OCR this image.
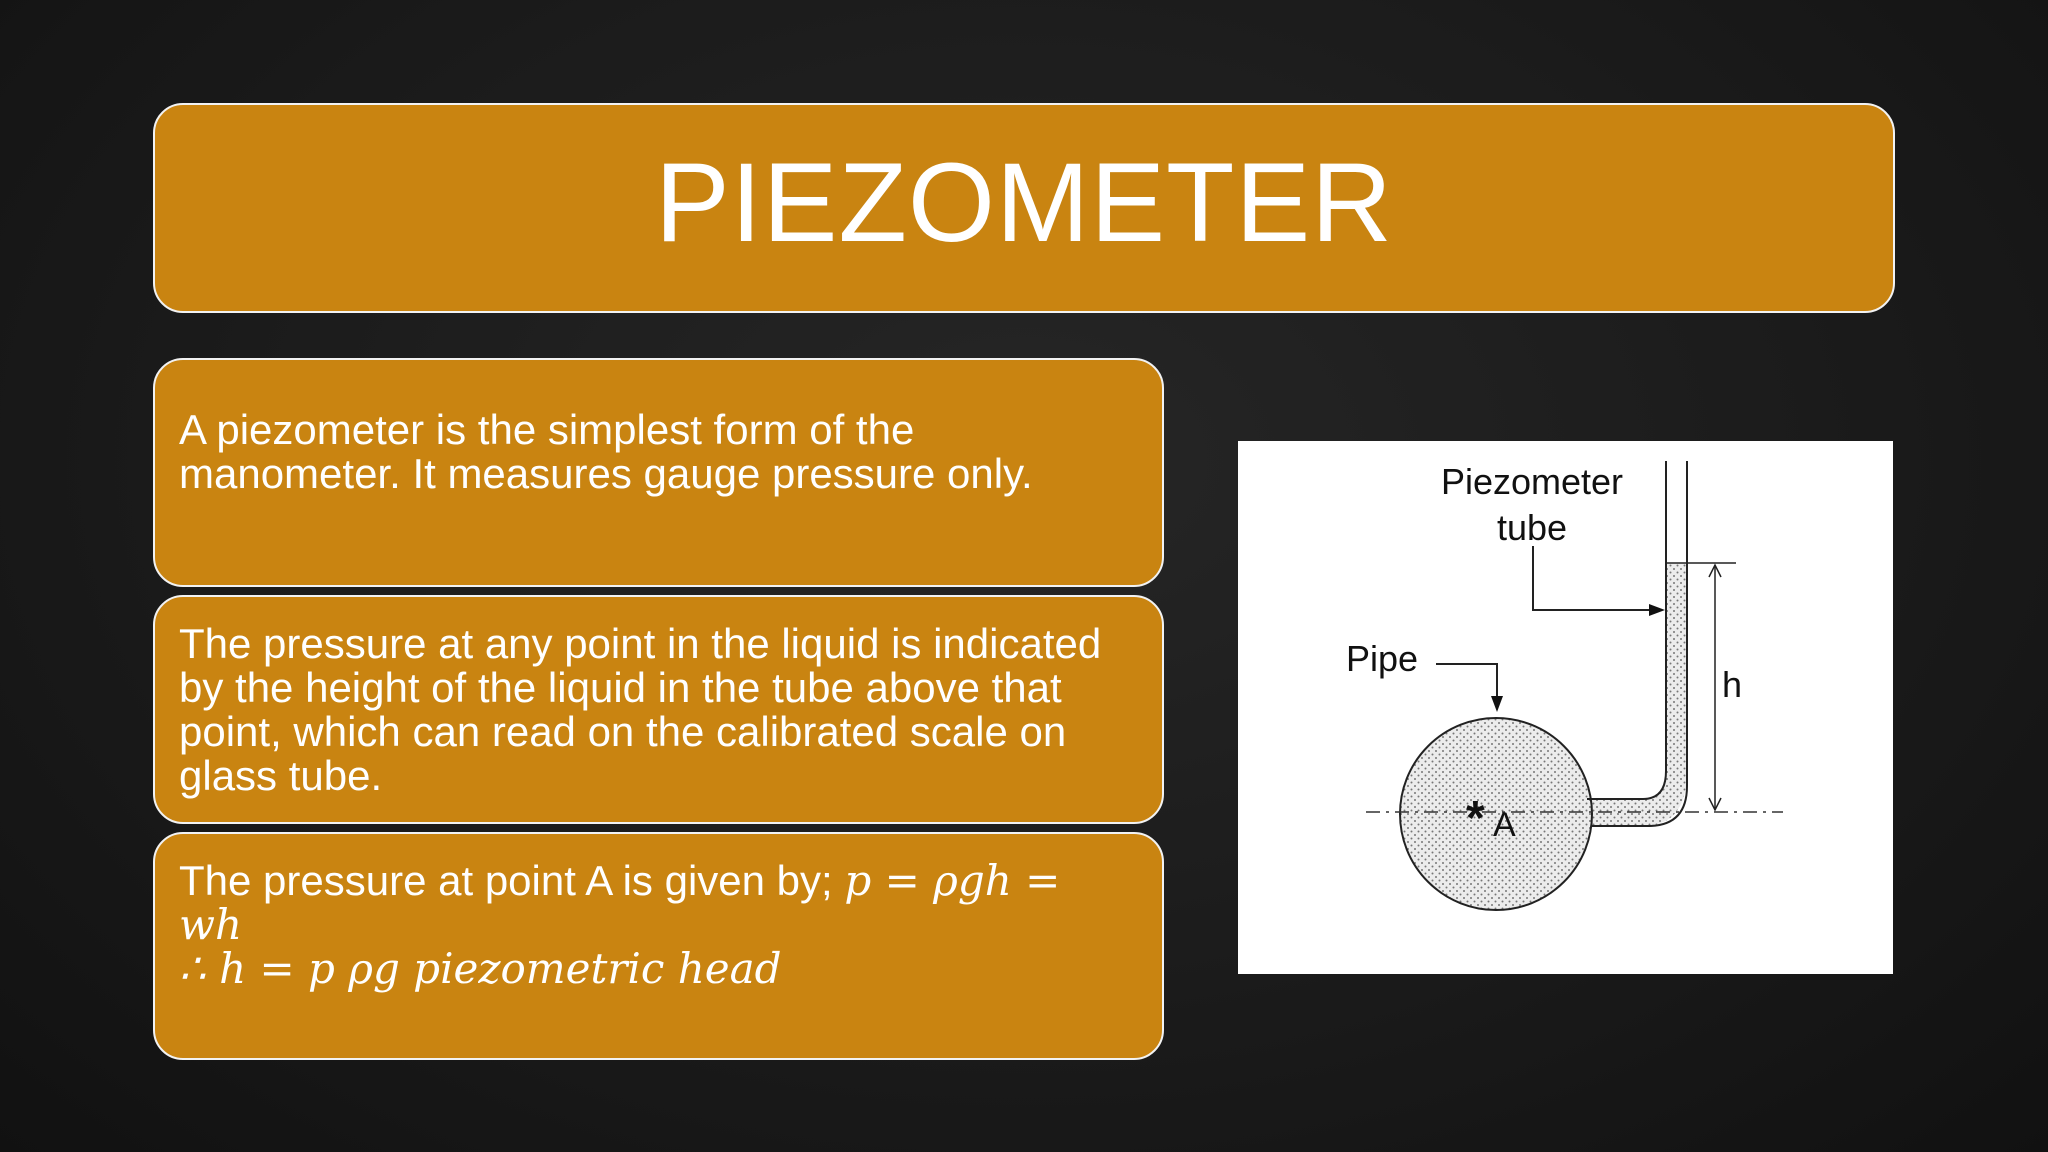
PIEZOMETER

A piezometer is the simplest form of the
manometer. It measures gauge pressure only.

The pressure at any point in the liquid is indicated
by the height of the liquid in the tube above that
point, which can read on the calibrated scale on
glass tube.

The pressure at point A is given by; p = ρgh = wh
∴ h = p ρg piezometric head

h
Piezometer
tube
Pipe
* A
